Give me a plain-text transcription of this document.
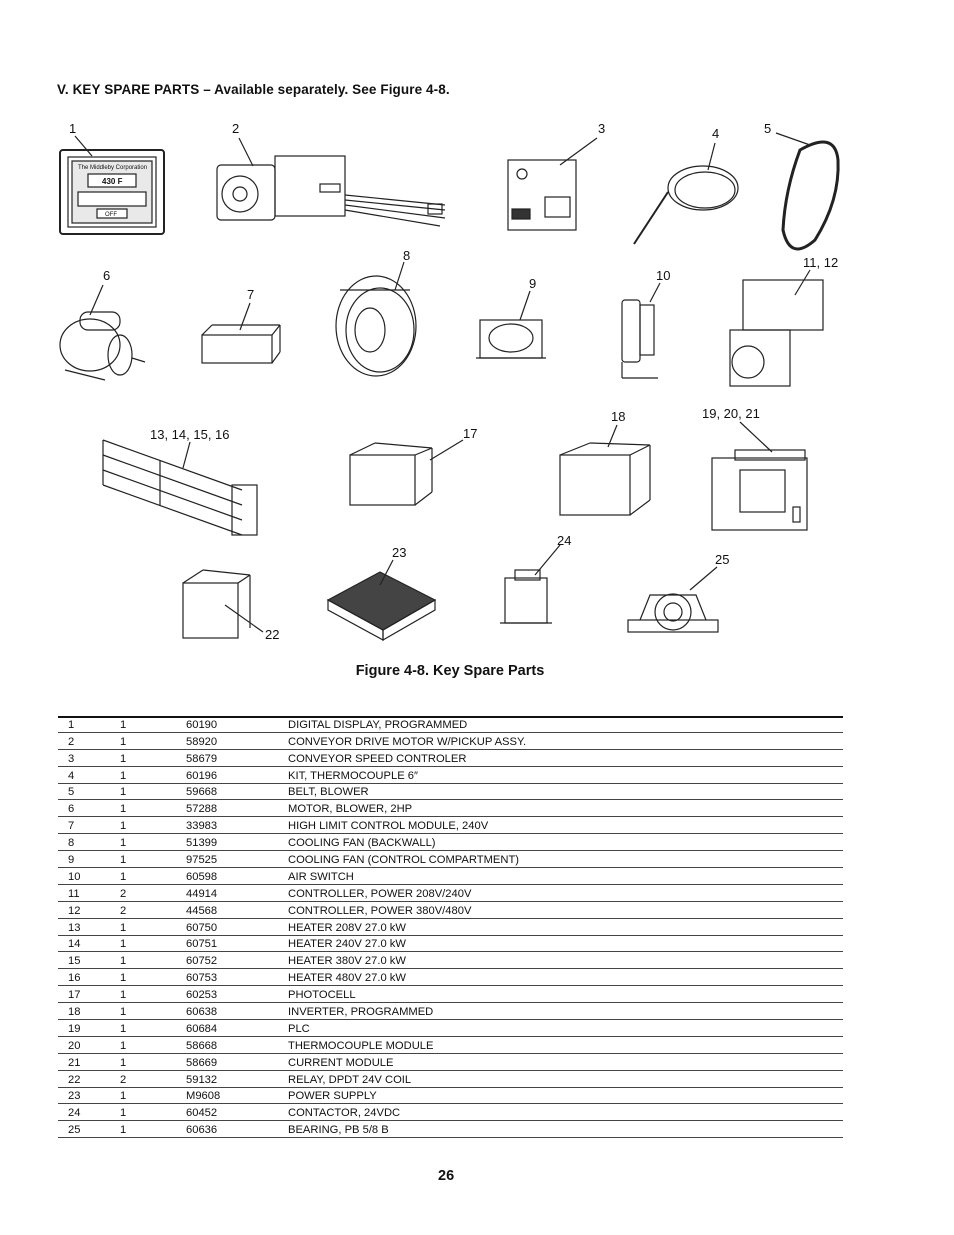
V. KEY SPARE PARTS – Available separately. See Figure 4-8.
The Middleby Corporation
430 F
OFF
1	2	3	4	5
6
7
8
9
10
11, 12
13, 14, 15, 16	17
18	19, 20, 21
22
23
24
25
Figure 4-8. Key Spare Parts
1	1	60190	DIGITAL DISPLAY, PROGRAMMED
2	1	58920	CONVEYOR DRIVE MOTOR W/PICKUP ASSY.
3	1	58679	CONVEYOR SPEED CONTROLER
4	1	60196	KIT, THERMOCOUPLE 6″
5	1	59668	BELT, BLOWER
6	1	57288	MOTOR, BLOWER, 2HP
7	1	33983	HIGH LIMIT CONTROL MODULE, 240V
8	1	51399	COOLING FAN (BACKWALL)
9	1	97525	COOLING FAN (CONTROL COMPARTMENT)
10	1	60598	AIR SWITCH
11	2	44914	CONTROLLER, POWER 208V/240V
12	2	44568	CONTROLLER, POWER 380V/480V
13	1	60750	HEATER 208V 27.0 kW
14	1	60751	HEATER 240V 27.0 kW
15	1	60752	HEATER 380V 27.0 kW
16	1	60753	HEATER 480V 27.0 kW
17	1	60253	PHOTOCELL
18	1	60638	INVERTER, PROGRAMMED
19	1	60684	PLC
20	1	58668	THERMOCOUPLE MODULE
21	1	58669	CURRENT MODULE
22	2	59132	RELAY, DPDT 24V COIL
23	1	M9608	POWER SUPPLY
24	1	60452	CONTACTOR, 24VDC
25	1	60636	BEARING, PB 5/8 B
26
